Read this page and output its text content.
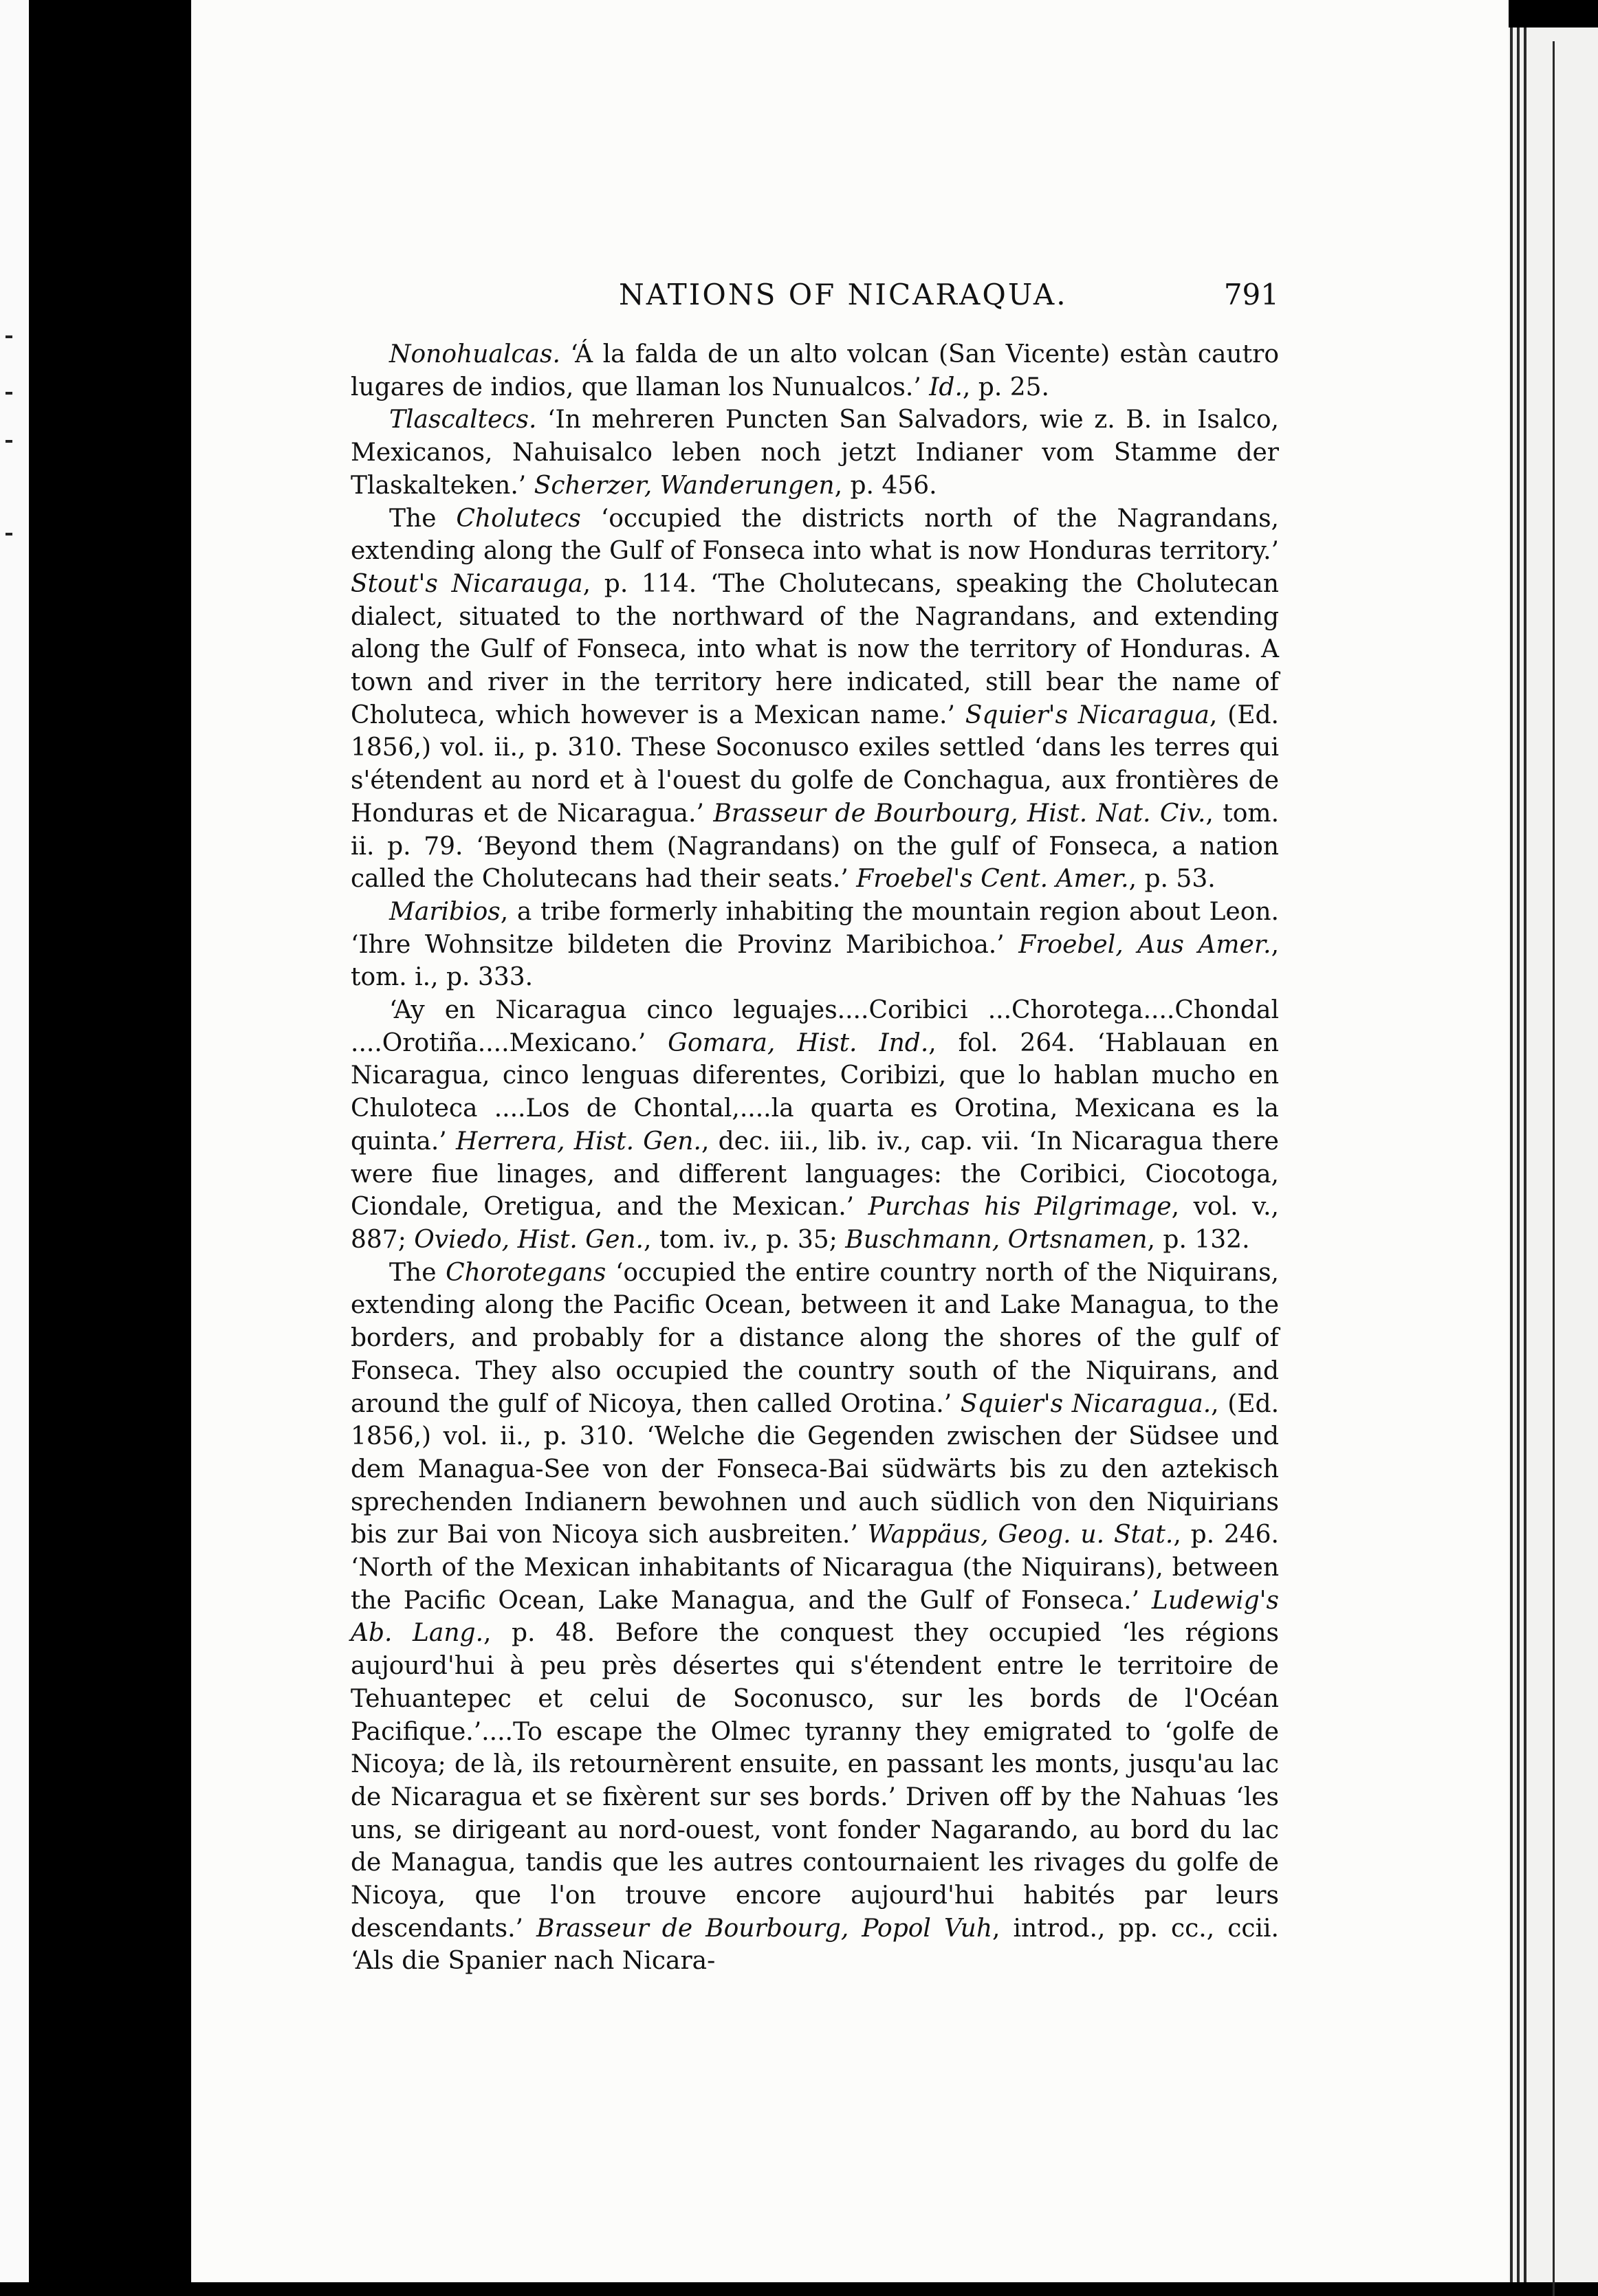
NATIONS OF NICARAQUA.	791

Nonohualcas. ‘Á la falda de un alto volcan (San Vicente) estàn cautro lugares de indios, que llaman los Nunualcos.’ Id., p. 25.

Tlascaltecs. ‘In mehreren Puncten San Salvadors, wie z. B. in Isalco, Mexicanos, Nahuisalco leben noch jetzt Indianer vom Stamme der Tlaskalteken.’ Scherzer, Wanderungen, p. 456.

The Cholutecs ‘occupied the districts north of the Nagrandans, extending along the Gulf of Fonseca into what is now Honduras territory.’ Stout's Nicarauga, p. 114. ‘The Cholutecans, speaking the Cholutecan dialect, situated to the northward of the Nagrandans, and extending along the Gulf of Fonseca, into what is now the territory of Honduras. A town and river in the territory here indicated, still bear the name of Choluteca, which however is a Mexican name.’ Squier's Nicaragua, (Ed. 1856,) vol. ii., p. 310. These Soconusco exiles settled ‘dans les terres qui s'étendent au nord et à l'ouest du golfe de Conchagua, aux frontières de Honduras et de Nicaragua.’ Brasseur de Bourbourg, Hist. Nat. Civ., tom. ii. p. 79. ‘Beyond them (Nagrandans) on the gulf of Fonseca, a nation called the Cholutecans had their seats.’ Froebel's Cent. Amer., p. 53.

Maribios, a tribe formerly inhabiting the mountain region about Leon. ‘Ihre Wohnsitze bildeten die Provinz Maribichoa.’ Froebel, Aus Amer., tom. i., p. 333.

‘Ay en Nicaragua cinco leguajes....Coribici ...Chorotega....Chondal ....Orotiña....Mexicano.’ Gomara, Hist. Ind., fol. 264. ‘Hablauan en Nicaragua, cinco lenguas diferentes, Coribizi, que lo hablan mucho en Chuloteca ....Los de Chontal,....la quarta es Orotina, Mexicana es la quinta.’ Herrera, Hist. Gen., dec. iii., lib. iv., cap. vii. ‘In Nicaragua there were fiue linages, and different languages: the Coribici, Ciocotoga, Ciondale, Oretigua, and the Mexican.’ Purchas his Pilgrimage, vol. v., 887; Oviedo, Hist. Gen., tom. iv., p. 35; Buschmann, Ortsnamen, p. 132.

The Chorotegans ‘occupied the entire country north of the Niquirans, extending along the Pacific Ocean, between it and Lake Managua, to the borders, and probably for a distance along the shores of the gulf of Fonseca. They also occupied the country south of the Niquirans, and around the gulf of Nicoya, then called Orotina.’ Squier's Nicaragua., (Ed. 1856,) vol. ii., p. 310. ‘Welche die Gegenden zwischen der Südsee und dem Managua-See von der Fonseca-Bai südwärts bis zu den aztekisch sprechenden Indianern bewohnen und auch südlich von den Niquirians bis zur Bai von Nicoya sich ausbreiten.’ Wappäus, Geog. u. Stat., p. 246. ‘North of the Mexican inhabitants of Nicaragua (the Niquirans), between the Pacific Ocean, Lake Managua, and the Gulf of Fonseca.’ Ludewig's Ab. Lang., p. 48. Before the conquest they occupied ‘les régions aujourd'hui à peu près désertes qui s'étendent entre le territoire de Tehuantepec et celui de Soconusco, sur les bords de l'Océan Pacifique.’....To escape the Olmec tyranny they emigrated to ‘golfe de Nicoya; de là, ils retournèrent ensuite, en passant les monts, jusqu'au lac de Nicaragua et se fixèrent sur ses bords.’ Driven off by the Nahuas ‘les uns, se dirigeant au nord-ouest, vont fonder Nagarando, au bord du lac de Managua, tandis que les autres contournaient les rivages du golfe de Nicoya, que l'on trouve encore aujourd'hui habités par leurs descendants.’ Brasseur de Bourbourg, Popol Vuh, introd., pp. cc., ccii. ‘Als die Spanier nach Nicara-
